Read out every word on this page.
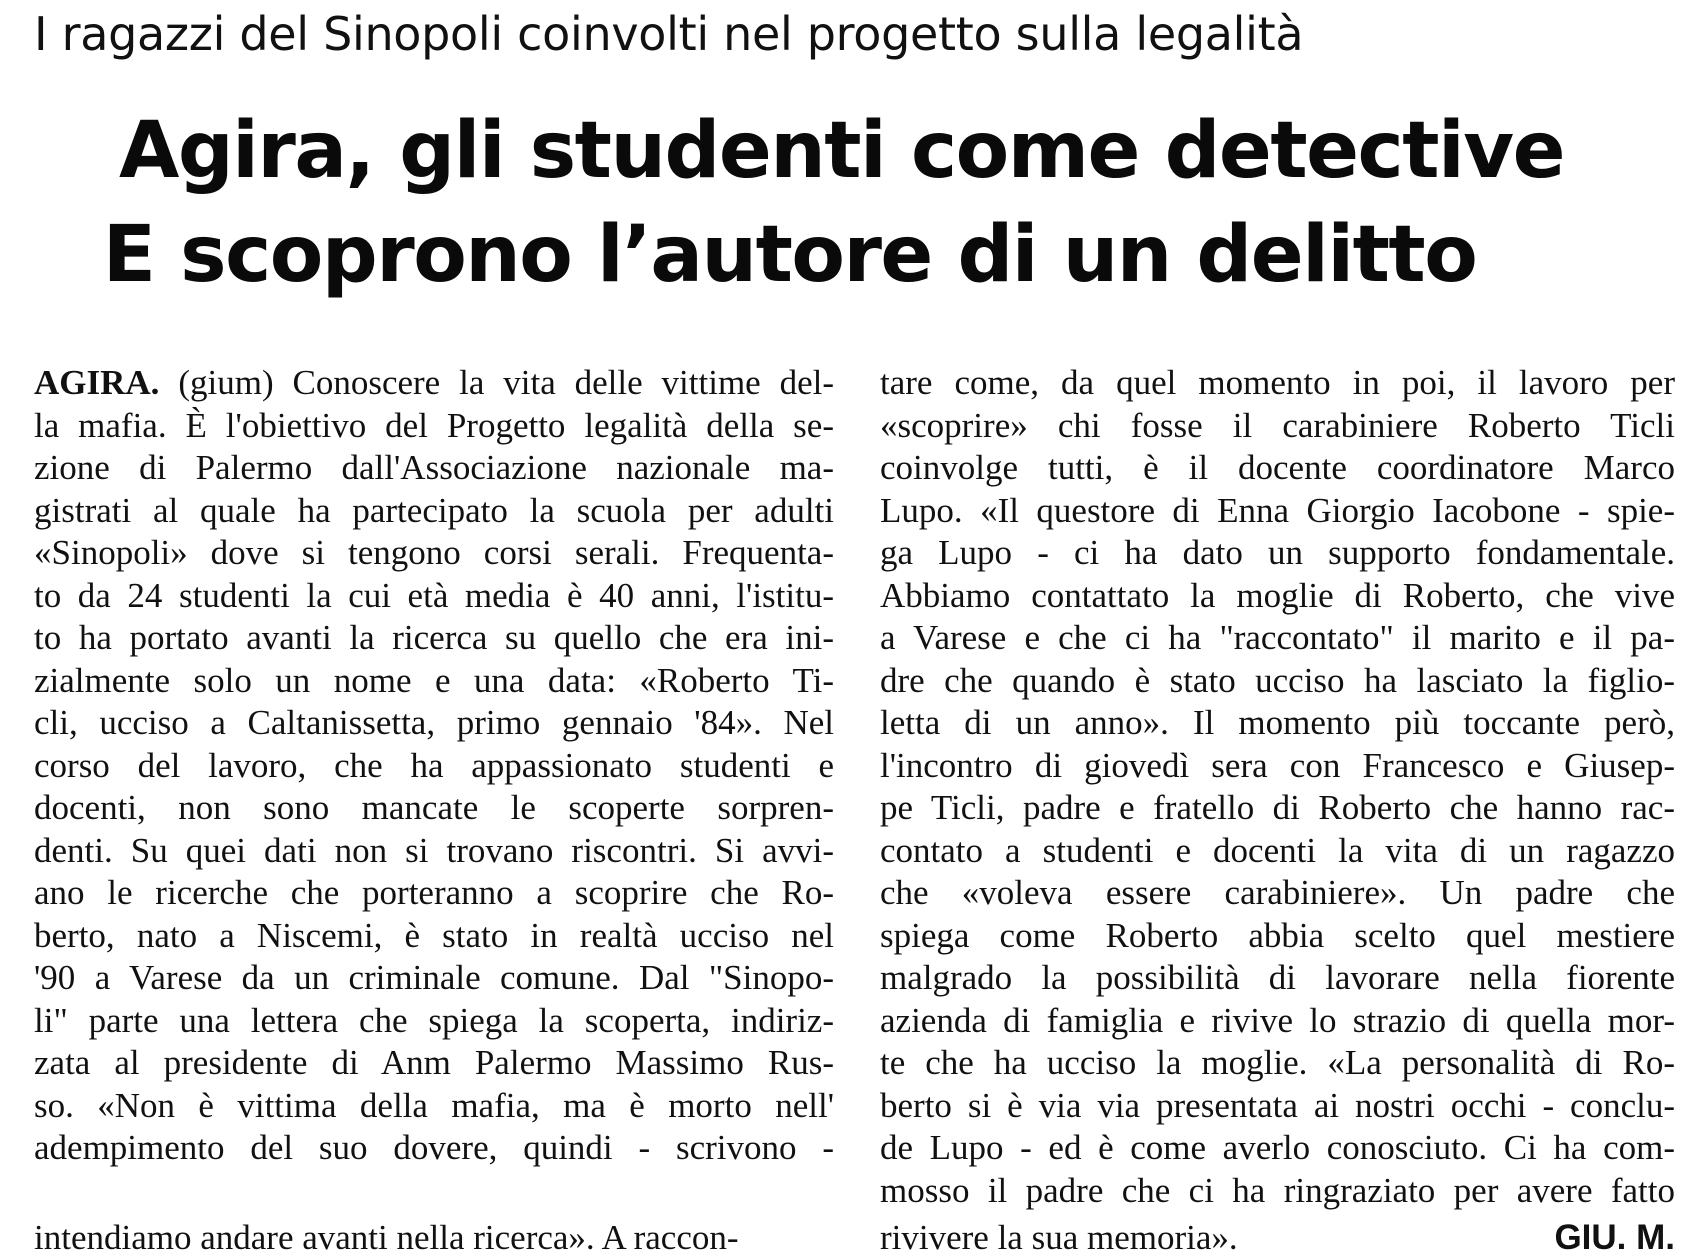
I ragazzi del Sinopoli coinvolti nel progetto sulla legalità
Agira, gli studenti come detective
E scoprono l’autore di un delitto
AGIRA. (gium) Conoscere la vita delle vittime del-
la mafia. È l'obiettivo del Progetto legalità della se-
zione di Palermo dall'Associazione nazionale ma-
gistrati al quale ha partecipato la scuola per adulti
«Sinopoli» dove si tengono corsi serali. Frequenta-
to da 24 studenti la cui età media è 40 anni, l'istitu-
to ha portato avanti la ricerca su quello che era ini-
zialmente solo un nome e una data: «Roberto Ti-
cli, ucciso a Caltanissetta, primo gennaio '84». Nel
corso del lavoro, che ha appassionato studenti e
docenti, non sono mancate le scoperte sorpren-
denti. Su quei dati non si trovano riscontri. Si avvi-
ano le ricerche che porteranno a scoprire che Ro-
berto, nato a Niscemi, è stato in realtà ucciso nel
'90 a Varese da un criminale comune. Dal "Sinopo-
li" parte una lettera che spiega la scoperta, indiriz-
zata al presidente di Anm Palermo Massimo Rus-
so. «Non è vittima della mafia, ma è morto nell'
adempimento del suo dovere, quindi - scrivono -
tare come, da quel momento in poi, il lavoro per
«scoprire» chi fosse il carabiniere Roberto Ticli
coinvolge tutti, è il docente coordinatore Marco
Lupo. «Il questore di Enna Giorgio Iacobone - spie-
ga Lupo - ci ha dato un supporto fondamentale.
Abbiamo contattato la moglie di Roberto, che vive
a Varese e che ci ha "raccontato" il marito e il pa-
dre che quando è stato ucciso ha lasciato la figlio-
letta di un anno». Il momento più toccante però,
l'incontro di giovedì sera con Francesco e Giusep-
pe Ticli, padre e fratello di Roberto che hanno rac-
contato a studenti e docenti la vita di un ragazzo
che «voleva essere carabiniere». Un padre che
spiega come Roberto abbia scelto quel mestiere
malgrado la possibilità di lavorare nella fiorente
azienda di famiglia e rivive lo strazio di quella mor-
te che ha ucciso la moglie. «La personalità di Ro-
berto si è via via presentata ai nostri occhi - conclu-
de Lupo - ed è come averlo conosciuto. Ci ha com-
mosso il padre che ci ha ringraziato per avere fatto
intendiamo andare avanti nella ricerca». A raccon-	rivivere la sua memoria».	GIU. M.
